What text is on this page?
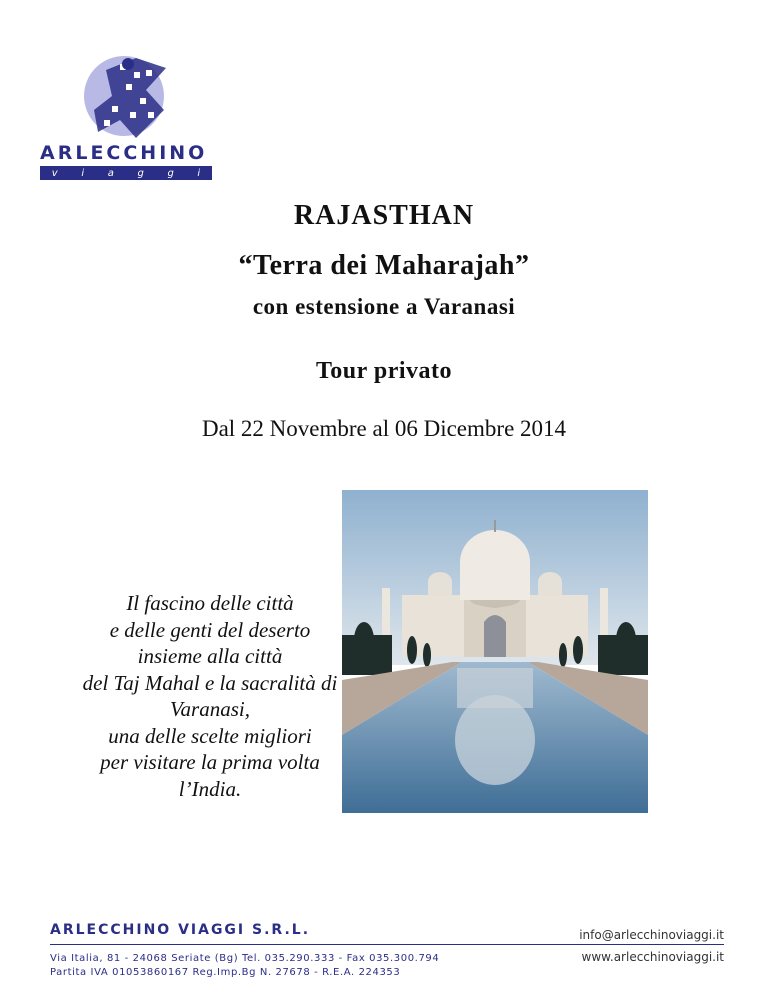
ARLECCHINO
v i a g g i
RAJASTHAN
“Terra dei Maharajah”
con estensione a Varanasi
Tour privato
Dal 22 Novembre al 06 Dicembre 2014
Il fascino delle città
e delle genti del deserto
insieme alla città
del Taj Mahal e la sacralità di
Varanasi,
una delle scelte migliori
per visitare la prima volta
l’India.
ARLECCHINO VIAGGI S.R.L.	info@arlecchinoviaggi.it
www.arlecchinoviaggi.it
Via Italia, 81 - 24068 Seriate (Bg) Tel. 035.290.333 - Fax 035.300.794
Partita IVA 01053860167 Reg.Imp.Bg N. 27678 - R.E.A. 224353
